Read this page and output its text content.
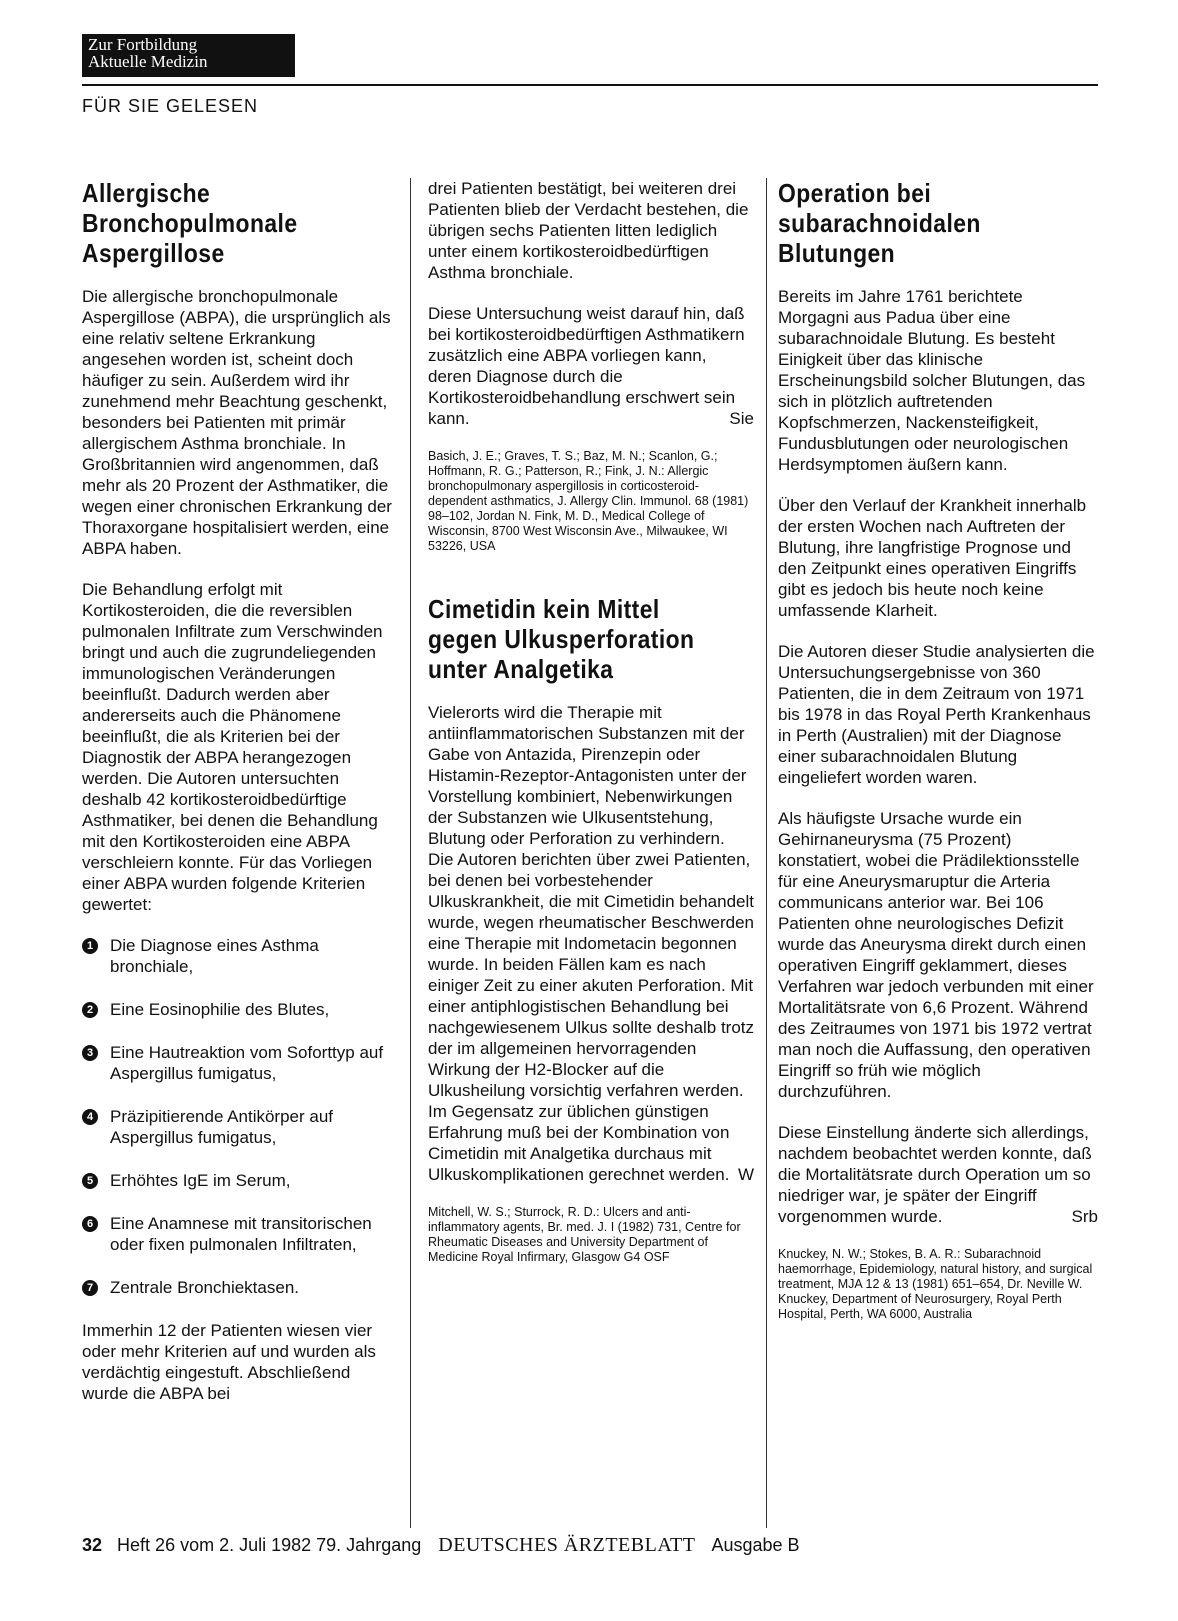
Zur Fortbildung
Aktuelle Medizin
FÜR SIE GELESEN
Allergische Bronchopulmonale Aspergillose

Die allergische bronchopulmonale Aspergillose (ABPA), die ursprünglich als eine relativ seltene Erkrankung angesehen worden ist, scheint doch häufiger zu sein. Außerdem wird ihr zunehmend mehr Beachtung geschenkt, besonders bei Patienten mit primär allergischem Asthma bronchiale. In Großbritannien wird angenommen, daß mehr als 20 Prozent der Asthmatiker, die wegen einer chronischen Erkrankung der Thoraxorgane hospitalisiert werden, eine ABPA haben.

Die Behandlung erfolgt mit Kortikosteroiden, die die reversiblen pulmonalen Infiltrate zum Verschwinden bringt und auch die zugrundeliegenden immunologischen Veränderungen beeinflußt. Dadurch werden aber andererseits auch die Phänomene beeinflußt, die als Kriterien bei der Diagnostik der ABPA herangezogen werden. Die Autoren untersuchten deshalb 42 kortikosteroidbedürftige Asthmatiker, bei denen die Behandlung mit den Kortikosteroiden eine ABPA verschleiern konnte. Für das Vorliegen einer ABPA wurden folgende Kriterien gewertet:

1 Die Diagnose eines Asthma bronchiale,
2 Eine Eosinophilie des Blutes,
3 Eine Hautreaktion vom Soforttyp auf Aspergillus fumigatus,
4 Präzipitierende Antikörper auf Aspergillus fumigatus,
5 Erhöhtes IgE im Serum,
6 Eine Anamnese mit transitorischen oder fixen pulmonalen Infiltraten,
7 Zentrale Bronchiektasen.

Immerhin 12 der Patienten wiesen vier oder mehr Kriterien auf und wurden als verdächtig eingestuft. Abschließend wurde die ABPA bei

drei Patienten bestätigt, bei weiteren drei Patienten blieb der Verdacht bestehen, die übrigen sechs Patienten litten lediglich unter einem kortikosteroidbedürftigen Asthma bronchiale.

Diese Untersuchung weist darauf hin, daß bei kortikosteroidbedürftigen Asthmatikern zusätzlich eine ABPA vorliegen kann, deren Diagnose durch die Kortikosteroidbehandlung erschwert sein kann.	Sie

Basich, J. E.; Graves, T. S.; Baz, M. N.; Scanlon, G.; Hoffmann, R. G.; Patterson, R.; Fink, J. N.: Allergic bronchopulmonary aspergillosis in corticosteroid-dependent asthmatics, J. Allergy Clin. Immunol. 68 (1981) 98–102, Jordan N. Fink, M. D., Medical College of Wisconsin, 8700 West Wisconsin Ave., Milwaukee, WI 53226, USA
Cimetidin kein Mittel gegen Ulkusperforation unter Analgetika

Vielerorts wird die Therapie mit antiinflammatorischen Substanzen mit der Gabe von Antazida, Pirenzepin oder Histamin-Rezeptor-Antagonisten unter der Vorstellung kombiniert, Nebenwirkungen der Substanzen wie Ulkusentstehung, Blutung oder Perforation zu verhindern. Die Autoren berichten über zwei Patienten, bei denen bei vorbestehender Ulkuskrankheit, die mit Cimetidin behandelt wurde, wegen rheumatischer Beschwerden eine Therapie mit Indometacin begonnen wurde. In beiden Fällen kam es nach einiger Zeit zu einer akuten Perforation. Mit einer antiphlogistischen Behandlung bei nachgewiesenem Ulkus sollte deshalb trotz der im allgemeinen hervorragenden Wirkung der H2-Blocker auf die Ulkusheilung vorsichtig verfahren werden. Im Gegensatz zur üblichen günstigen Erfahrung muß bei der Kombination von Cimetidin mit Analgetika durchaus mit Ulkuskomplikationen gerechnet werden. W

Mitchell, W. S.; Sturrock, R. D.: Ulcers and anti-inflammatory agents, Br. med. J. I (1982) 731, Centre for Rheumatic Diseases and University Department of Medicine Royal Infirmary, Glasgow G4 OSF
Operation bei subarachnoidalen Blutungen

Bereits im Jahre 1761 berichtete Morgagni aus Padua über eine subarachnoidale Blutung. Es besteht Einigkeit über das klinische Erscheinungsbild solcher Blutungen, das sich in plötzlich auftretenden Kopfschmerzen, Nackensteifigkeit, Fundusblutungen oder neurologischen Herdsymptomen äußern kann.

Über den Verlauf der Krankheit innerhalb der ersten Wochen nach Auftreten der Blutung, ihre langfristige Prognose und den Zeitpunkt eines operativen Eingriffs gibt es jedoch bis heute noch keine umfassende Klarheit.

Die Autoren dieser Studie analysierten die Untersuchungsergebnisse von 360 Patienten, die in dem Zeitraum von 1971 bis 1978 in das Royal Perth Krankenhaus in Perth (Australien) mit der Diagnose einer subarachnoidalen Blutung eingeliefert worden waren.

Als häufigste Ursache wurde ein Gehirnaneurysma (75 Prozent) konstatiert, wobei die Prädilektionsstelle für eine Aneurysmaruptur die Arteria communicans anterior war. Bei 106 Patienten ohne neurologisches Defizit wurde das Aneurysma direkt durch einen operativen Eingriff geklammert, dieses Verfahren war jedoch verbunden mit einer Mortalitätsrate von 6,6 Prozent. Während des Zeitraumes von 1971 bis 1972 vertrat man noch die Auffassung, den operativen Eingriff so früh wie möglich durchzuführen.

Diese Einstellung änderte sich allerdings, nachdem beobachtet werden konnte, daß die Mortalitätsrate durch Operation um so niedriger war, je später der Eingriff vorgenommen wurde.	Srb

Knuckey, N. W.; Stokes, B. A. R.: Subarachnoid haemorrhage, Epidemiology, natural history, and surgical treatment, MJA 12 & 13 (1981) 651–654, Dr. Neville W. Knuckey, Department of Neurosurgery, Royal Perth Hospital, Perth, WA 6000, Australia
32 Heft 26 vom 2. Juli 1982 79. Jahrgang DEUTSCHES ÄRZTEBLATT Ausgabe B
